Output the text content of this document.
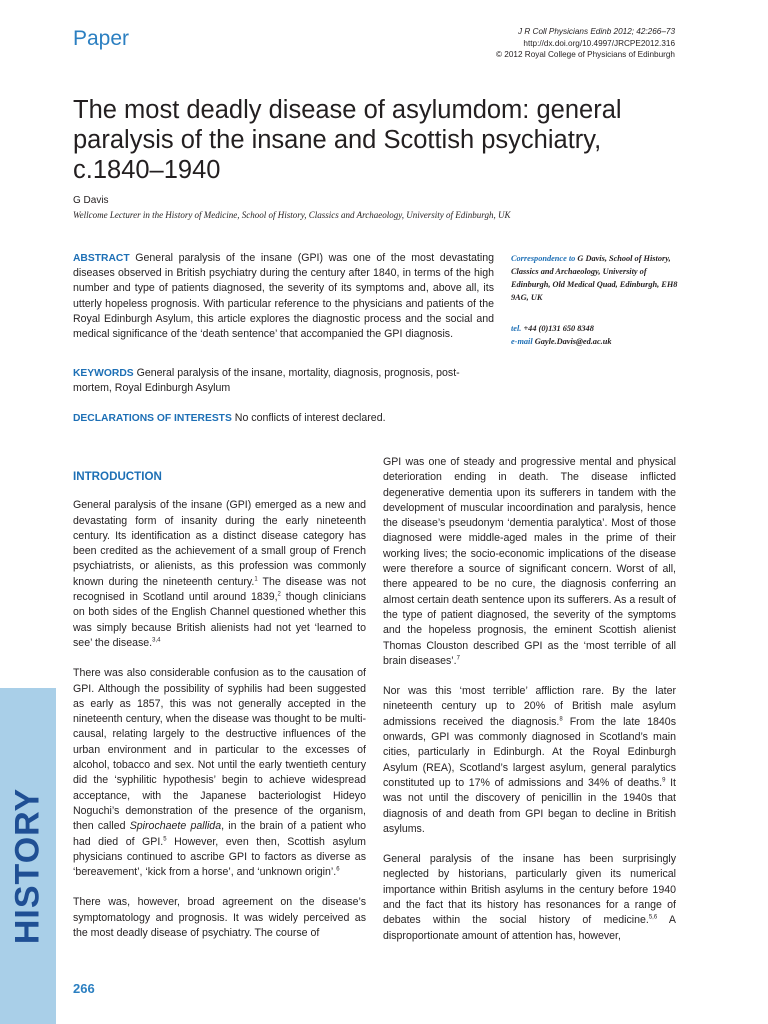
HISTORY
Paper	J R Coll Physicians Edinb 2012; 42:266–73
http://dx.doi.org/10.4997/JRCPE2012.316
© 2012 Royal College of Physicians of Edinburgh
The most deadly disease of asylumdom: general paralysis of the insane and Scottish psychiatry, c.1840–1940
G Davis
Wellcome Lecturer in the History of Medicine, School of History, Classics and Archaeology, University of Edinburgh, UK
ABSTRACT General paralysis of the insane (GPI) was one of the most devastating diseases observed in British psychiatry during the century after 1840, in terms of the high number and type of patients diagnosed, the severity of its symptoms and, above all, its utterly hopeless prognosis. With particular reference to the physicians and patients of the Royal Edinburgh Asylum, this article explores the diagnostic process and the social and medical significance of the ‘death sentence’ that accompanied the GPI diagnosis.
KEYWORDS General paralysis of the insane, mortality, diagnosis, prognosis, post-mortem, Royal Edinburgh Asylum
DECLARATIONS OF INTERESTS No conflicts of interest declared.
Correspondence to G Davis, School of History, Classics and Archaeology, University of Edinburgh, Old Medical Quad, Edinburgh, EH8 9AG, UK
tel. +44 (0)131 650 8348
e-mail Gayle.Davis@ed.ac.uk
INTRODUCTION

General paralysis of the insane (GPI) emerged as a new and devastating form of insanity during the early nineteenth century. Its identification as a distinct disease category has been credited as the achievement of a small group of French psychiatrists, or alienists, as this profession was commonly known during the nineteenth century.$^1$ The disease was not recognised in Scotland until around 1839,$^2$ though clinicians on both sides of the English Channel questioned whether this was simply because British alienists had not yet ‘learned to see’ the disease.$^{3,4}$

There was also considerable confusion as to the causation of GPI. Although the possibility of syphilis had been suggested as early as 1857, this was not generally accepted in the nineteenth century, when the disease was thought to be multi-causal, relating largely to the destructive influences of the urban environment and in particular to the excesses of alcohol, tobacco and sex. Not until the early twentieth century did the ‘syphilitic hypothesis’ begin to achieve widespread acceptance, with the Japanese bacteriologist Hideyo Noguchi’s demonstration of the presence of the organism, then called Spirochaete pallida, in the brain of a patient who had died of GPI.$^5$ However, even then, Scottish asylum physicians continued to ascribe GPI to factors as diverse as ‘bereavement’, ‘kick from a horse’, and ‘unknown origin’.$^6$

There was, however, broad agreement on the disease’s symptomatology and prognosis. It was widely perceived as the most deadly disease of psychiatry. The course of

GPI was one of steady and progressive mental and physical deterioration ending in death. The disease inflicted degenerative dementia upon its sufferers in tandem with the development of muscular incoordination and paralysis, hence the disease’s pseudonym ‘dementia paralytica’. Most of those diagnosed were middle-aged males in the prime of their working lives; the socio-economic implications of the disease were therefore a source of significant concern. Worst of all, there appeared to be no cure, the diagnosis conferring an almost certain death sentence upon its sufferers. As a result of the type of patient diagnosed, the severity of the symptoms and the hopeless prognosis, the eminent Scottish alienist Thomas Clouston described GPI as the ‘most terrible of all brain diseases’.$^7$

Nor was this ‘most terrible’ affliction rare. By the later nineteenth century up to 20% of British male asylum admissions received the diagnosis.$^8$ From the late 1840s onwards, GPI was commonly diagnosed in Scotland’s main cities, particularly in Edinburgh. At the Royal Edinburgh Asylum (REA), Scotland’s largest asylum, general paralytics constituted up to 17% of admissions and 34% of deaths.$^9$ It was not until the discovery of penicillin in the 1940s that diagnosis of and death from GPI began to decline in British asylums.

General paralysis of the insane has been surprisingly neglected by historians, particularly given its numerical importance within British asylums in the century before 1940 and the fact that its history has resonances for a range of debates within the social history of medicine.$^{5,6}$ A disproportionate amount of attention has, however,

266
